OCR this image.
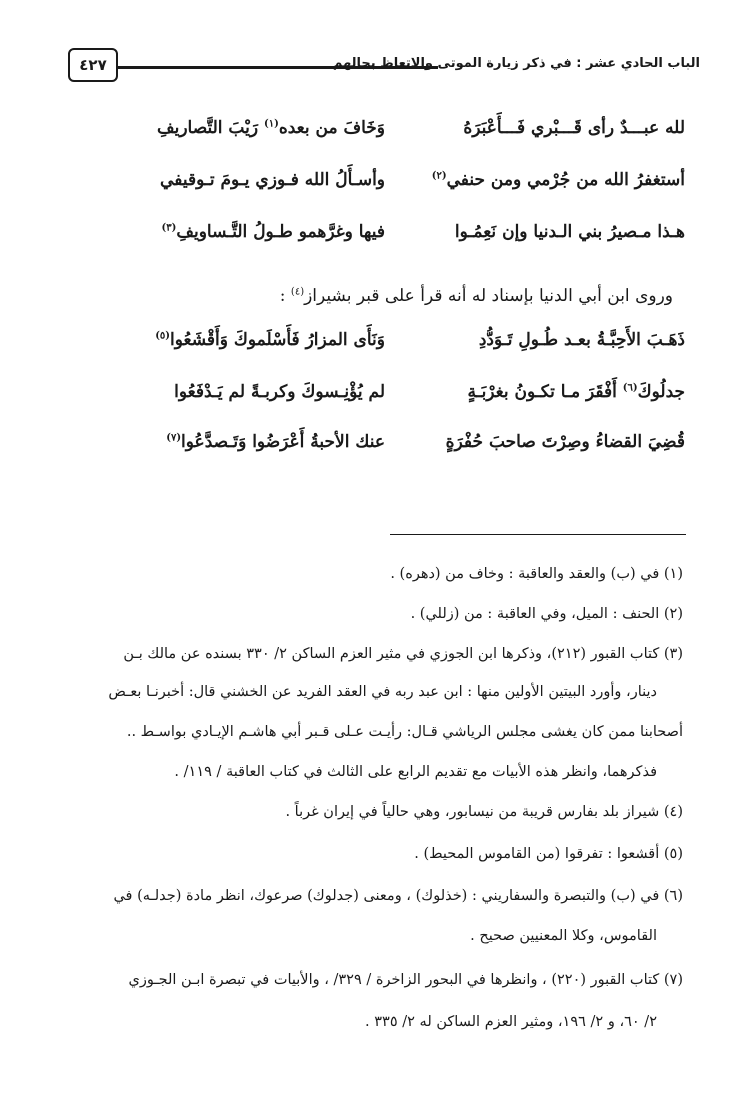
الباب الحادي عشر : في ذكر زيارة الموتى والاتعاظ بحالهم
٤٢٧
لله عبـــدٌ رأى قَـــبْري فَـــأَعْبَرَهُ
وَخَافَ من بعده$^{(١)}$ رَيْبَ التَّصاريفِ
أستغفرُ الله من جُرْمي ومن حنفي$^{(٢)}$
وأسـأَلُ الله فـوزي يـومَ تـوقيفي
هـذا مـصيرُ بني الـدنيا وإن نَعِمُـوا
فيها وغرَّهمو طـولُ التَّـساويفِ$^{(٣)}$
وروى ابن أبي الدنيا بإسناد له أنه قرأ على قبر بشيراز$^{(٤)}$ :
ذَهَـبَ الأَحِبَّـةُ بعـد طُـولِ تَـوَدُّدِ
وَنَأَى المزارُ فَأَسْلَموكَ وَأَقْشَعُوا$^{(٥)}$
جدلُوكَ$^{(٦)}$ أَفْقَرَ مـا تكـونُ بغرْبَـةٍ
لم يُؤْنِـسوكَ وكربـةً لم يَـدْفَعُوا
قُضِيَ القضاءُ وصِرْتَ صاحبَ حُفْرَةٍ
عنك الأحبةُ أَعْرَضُوا وَتَـصدَّعُوا$^{(٧)}$
(١) في (ب) والعقد والعاقبة : وخاف من (دهره) .
(٢) الحنف : الميل، وفي العاقبة : من (زللي) .
(٣) كتاب القبور (٢١٢)، وذكرها ابن الجوزي في مثير العزم الساكن ٢/ ٣٣٠ بسنده عن مالك بـن
دينار، وأورد البيتين الأولين منها : ابن عبد ربه في العقد الفريد عن الخشني قال: أخبرنـا بعـض
أصحابنا ممن كان يغشى مجلس الرياشي قـال: رأيـت عـلى قـبر أبي هاشـم الإيـادي بواسـط ..
فذكرهما، وانظر هذه الأبيات مع تقديم الرابع على الثالث في كتاب العاقبة / ١١٩/ .
(٤) شيراز بلد بفارس قريبة من نيسابور، وهي حالياً في إيران غرباً .
(٥) أقشعوا : تفرقوا (من القاموس المحيط) .
(٦) في (ب) والتبصرة والسفاريني : (خذلوك) ، ومعنى (جدلوك) صرعوك، انظر مادة (جدلـه) في
القاموس، وكلا المعنيين صحيح .
(٧) كتاب القبور (٢٢٠) ، وانظرها في البحور الزاخرة / ٣٢٩/ ، والأبيات في تبصرة ابـن الجـوزي
٢/ ٦٠، و ٢/ ١٩٦، ومثير العزم الساكن له ٢/ ٣٣٥ .
